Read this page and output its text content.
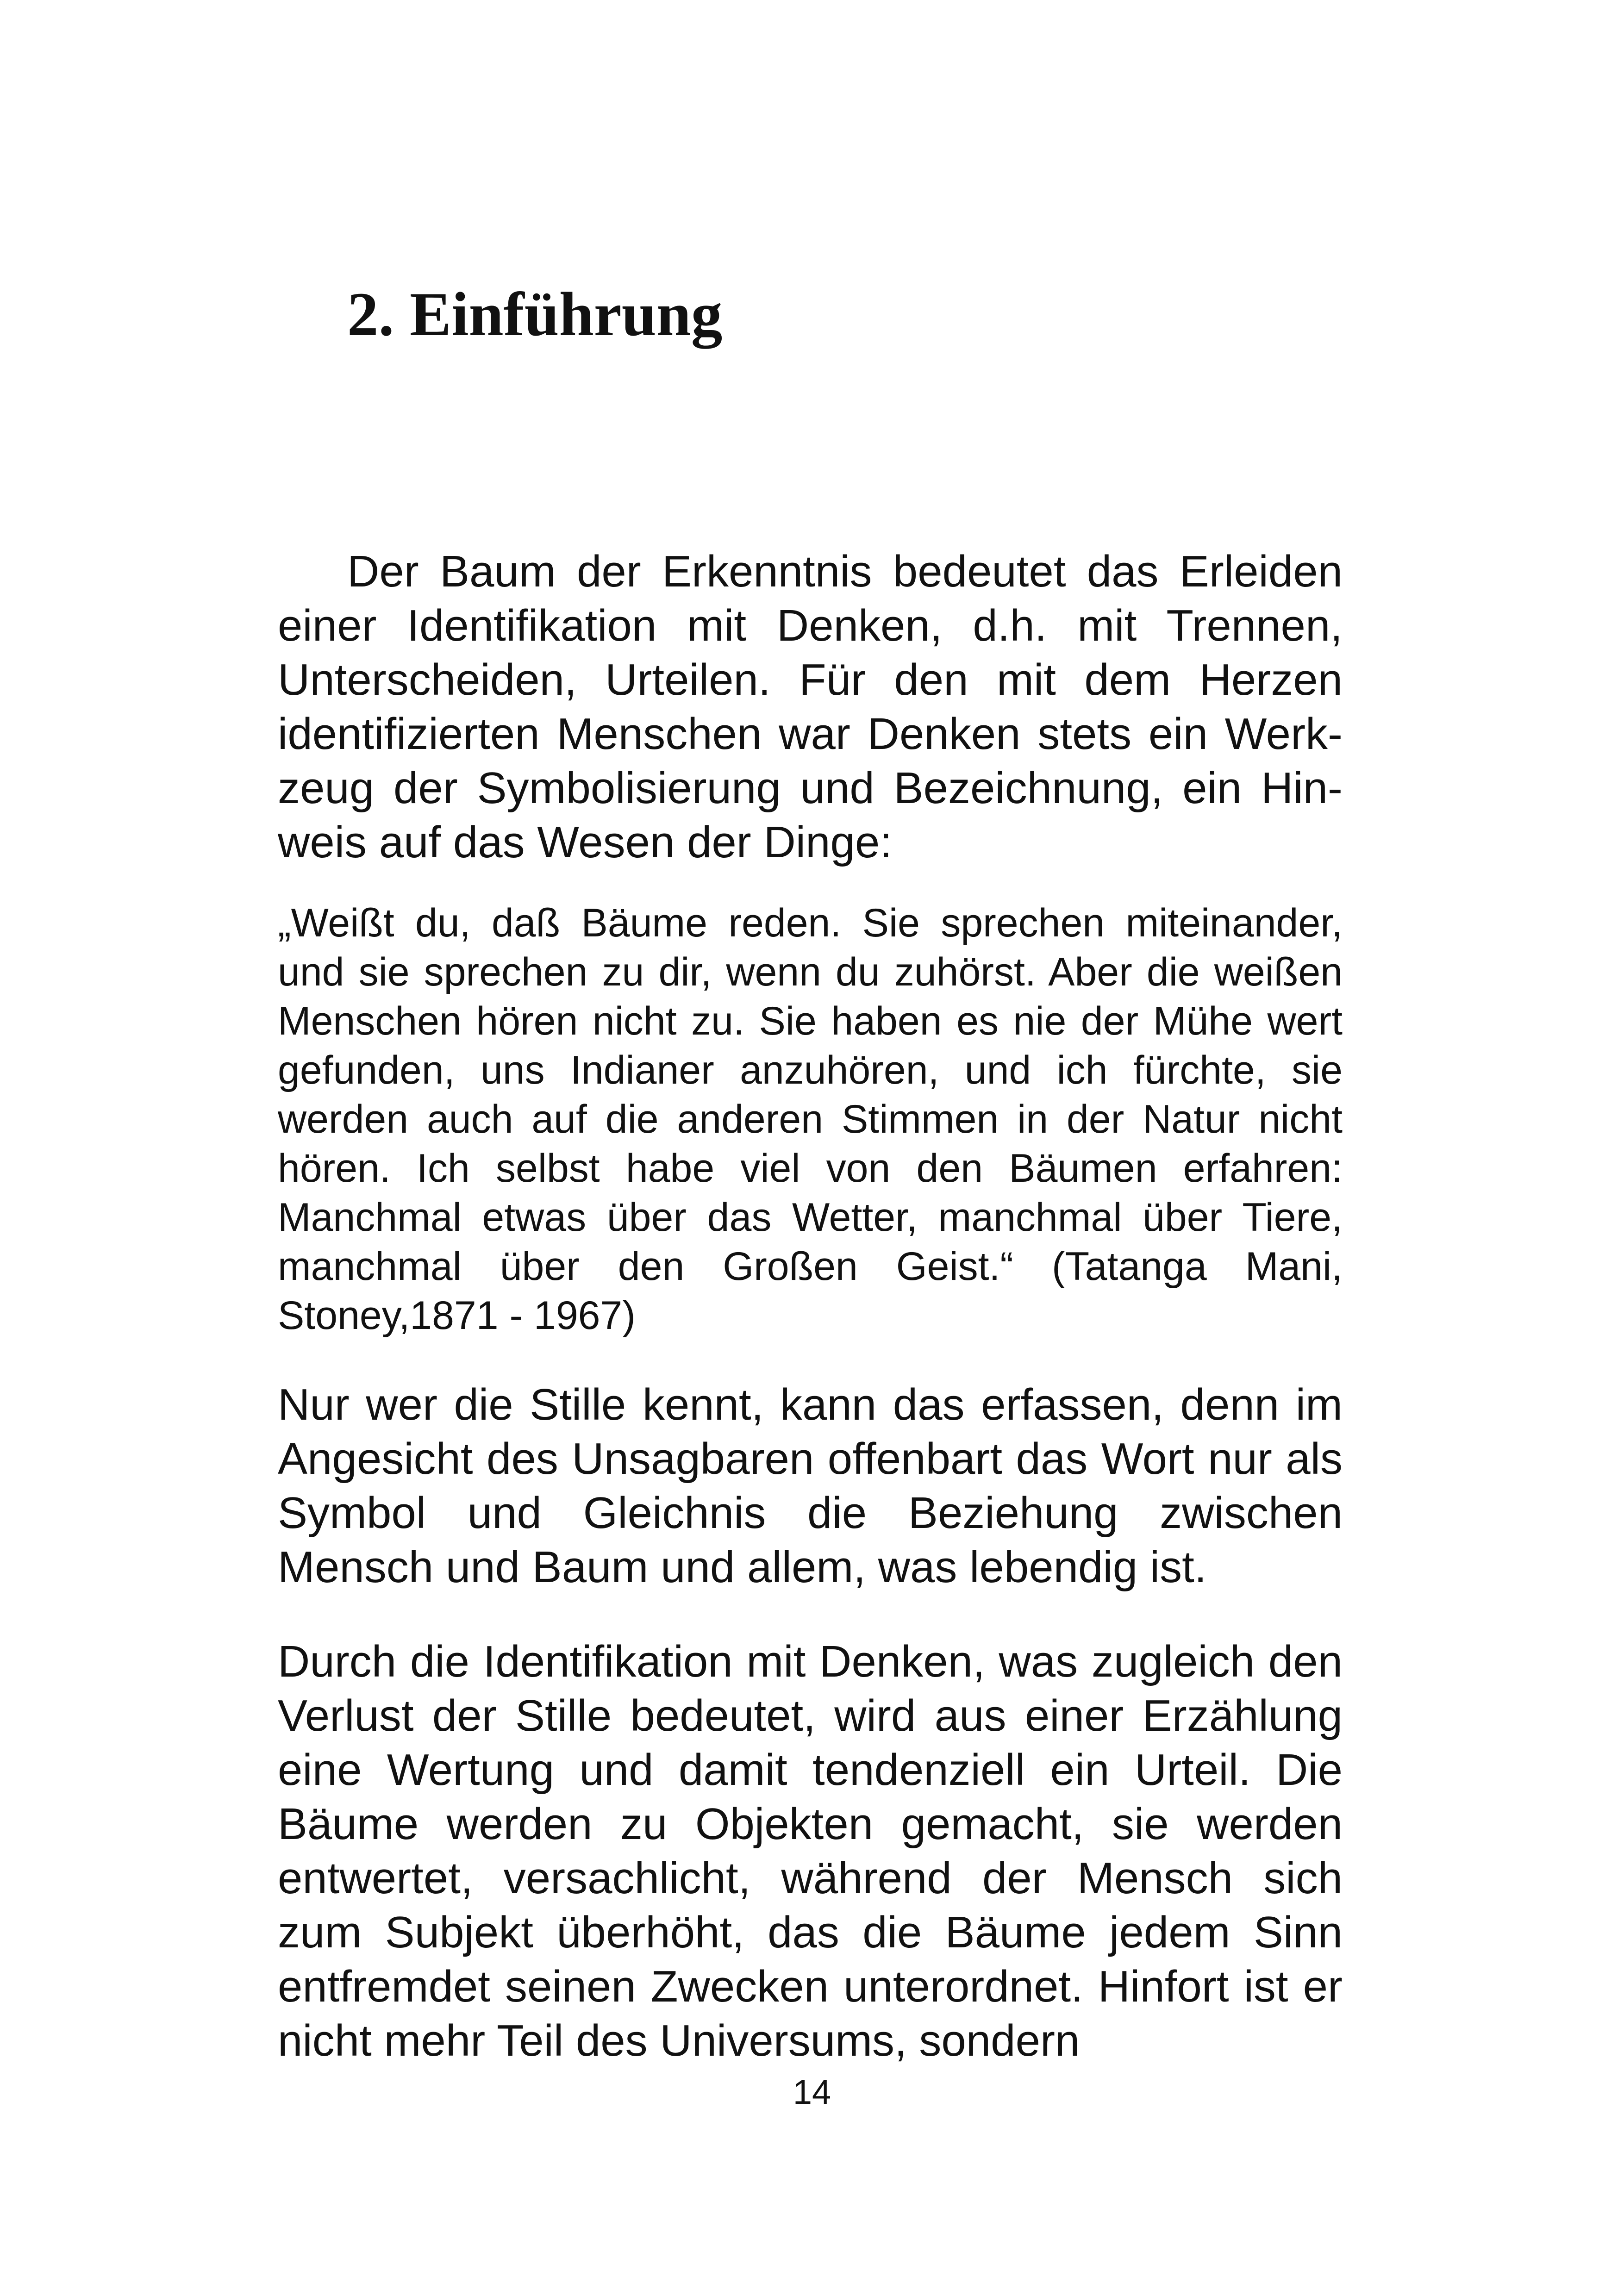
2. Einführung

Der Baum der Erkenntnis bedeutet das Erleiden einer Identifikation mit Denken, d.h. mit Trennen, Unterscheiden, Urteilen. Für den mit dem Herzen identifizierten Menschen war Denken stets ein Werkzeug der Symbolisierung und Bezeichnung, ein Hinweis auf das Wesen der Dinge:

„Weißt du, daß Bäume reden. Sie sprechen miteinander, und sie sprechen zu dir, wenn du zuhörst. Aber die weißen Menschen hören nicht zu. Sie haben es nie der Mühe wert gefunden, uns Indianer anzuhören, und ich fürchte, sie werden auch auf die anderen Stimmen in der Natur nicht hören. Ich selbst habe viel von den Bäumen erfahren: Manchmal etwas über das Wetter, manchmal über Tiere, manchmal über den Großen Geist.“ (Tatanga Mani, Stoney,1871 - 1967)

Nur wer die Stille kennt, kann das erfassen, denn im Angesicht des Unsagbaren offenbart das Wort nur als Symbol und Gleichnis die Beziehung zwischen Mensch und Baum und allem, was lebendig ist.

Durch die Identifikation mit Denken, was zugleich den Verlust der Stille bedeutet, wird aus einer Erzählung eine Wertung und damit tendenziell ein Urteil. Die Bäume werden zu Objekten gemacht, sie werden entwertet, versachlicht, während der Mensch sich zum Subjekt überhöht, das die Bäume jedem Sinn entfremdet seinen Zwecken unterordnet. Hinfort ist er nicht mehr Teil des Universums, sondern

14
